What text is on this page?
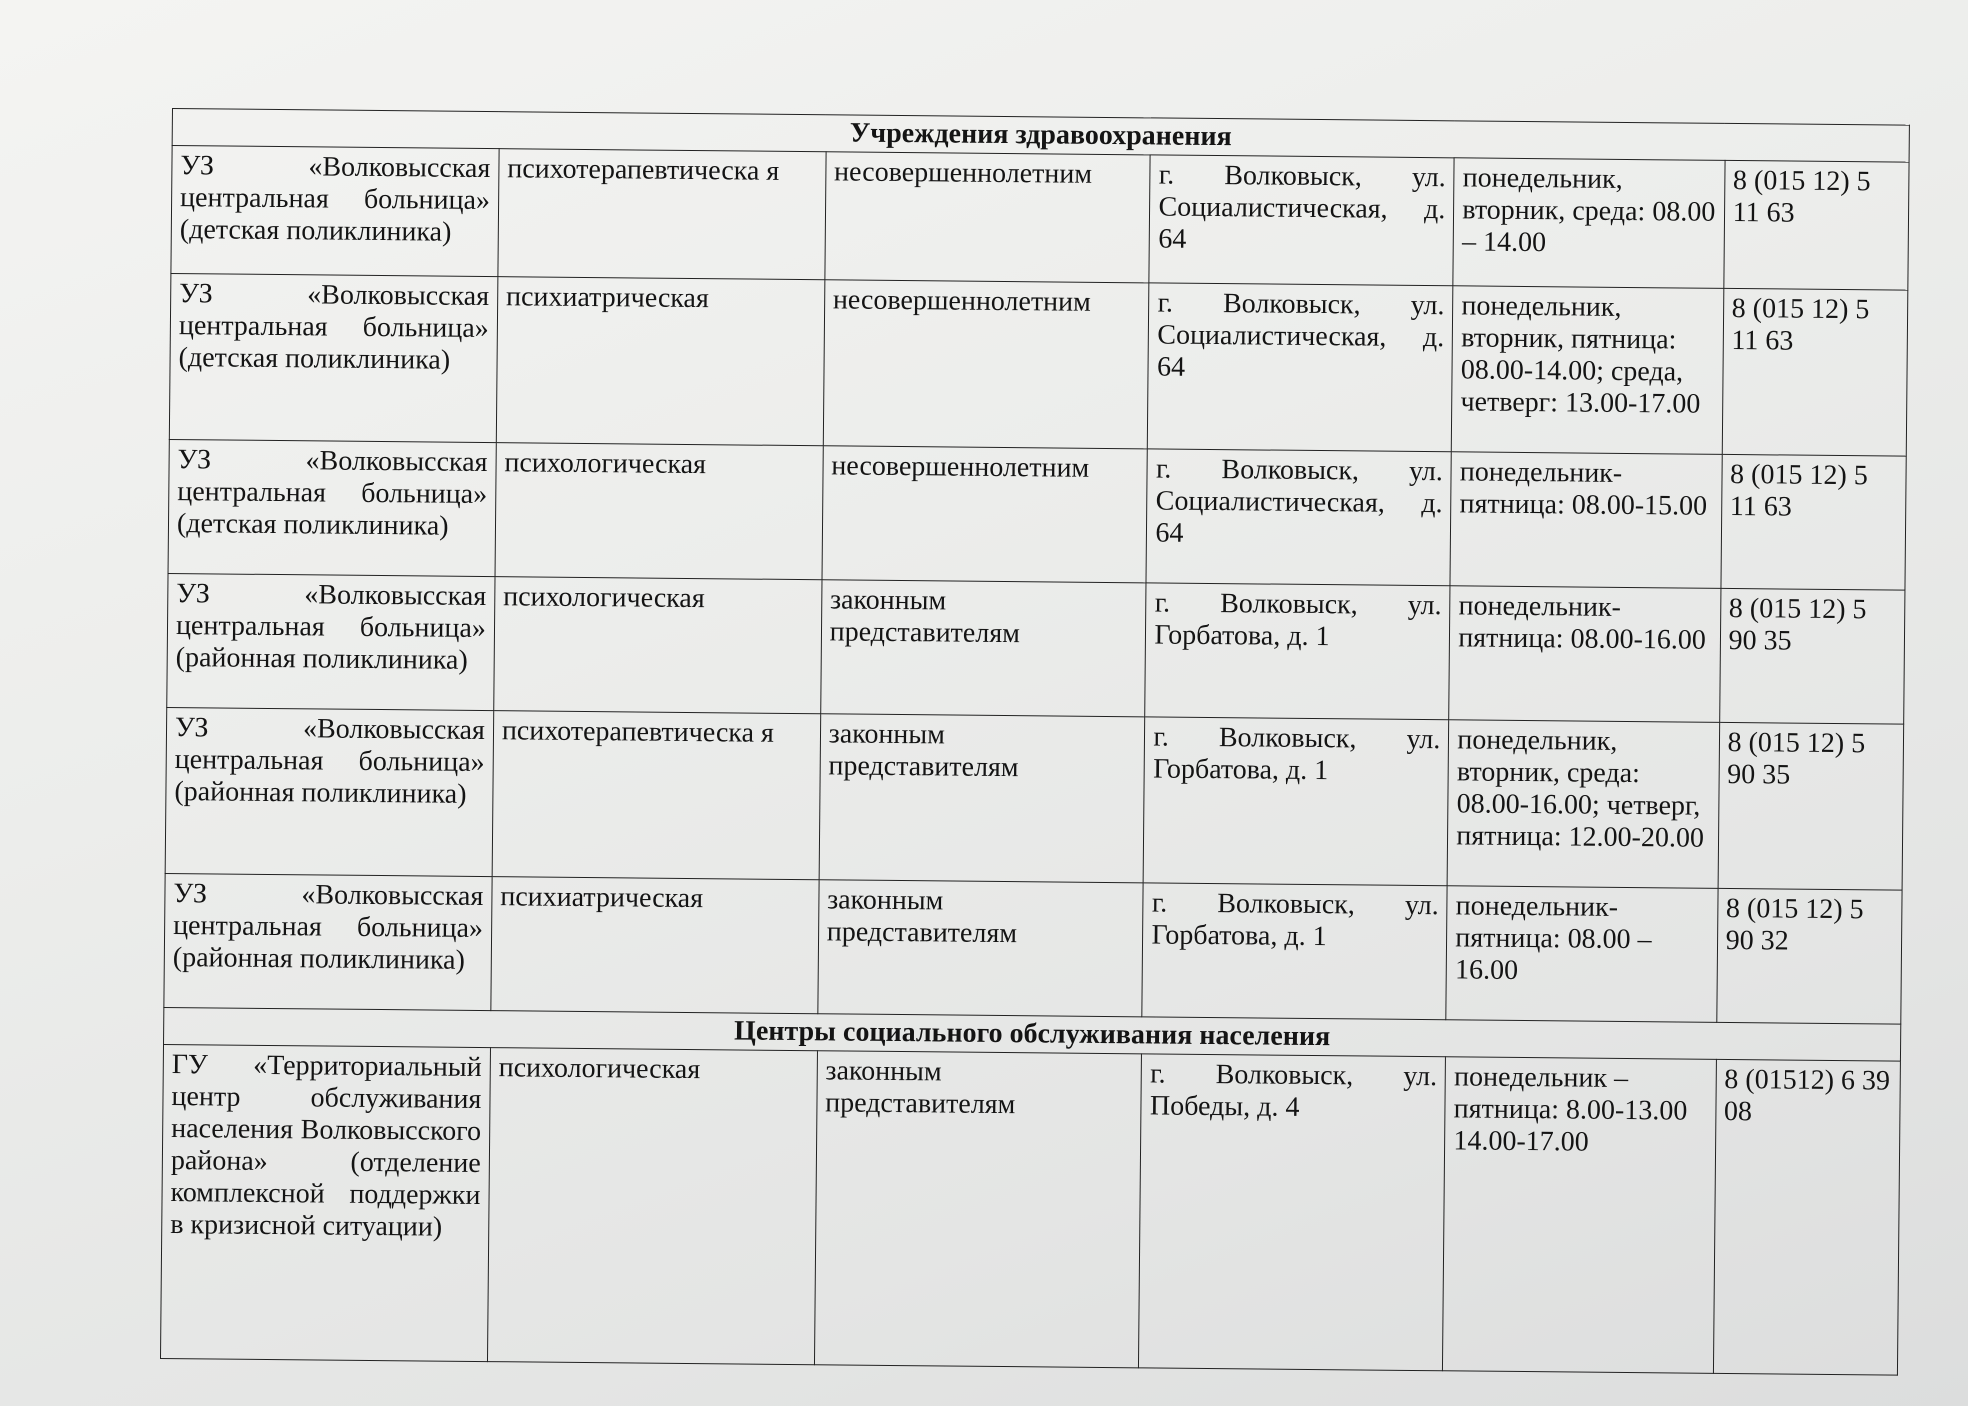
Учреждения здравоохранения					
УЗ «Волковысская центральная больница» (детская поликлиника)	психотерапевтическа я	несовершеннолетним	г. Волковыск, ул. Социалистическая, д. 64	понедельник, вторник, среда: 08.00 – 14.00	8 (015 12) 5 11 63
УЗ «Волковысская центральная больница» (детская поликлиника)	психиатрическая	несовершеннолетним	г. Волковыск, ул. Социалистическая, д. 64	понедельник, вторник, пятница: 08.00-14.00; среда, четверг: 13.00-17.00	8 (015 12) 5 11 63
УЗ «Волковысская центральная больница» (детская поликлиника)	психологическая	несовершеннолетним	г. Волковыск, ул. Социалистическая, д. 64	понедельник-пятница: 08.00-15.00	8 (015 12) 5 11 63
УЗ «Волковысская центральная больница» (районная поликлиника)	психологическая	законным представителям	г. Волковыск, ул. Горбатова, д. 1	понедельник-пятница: 08.00-16.00	8 (015 12) 5 90 35
УЗ «Волковысская центральная больница» (районная поликлиника)	психотерапевтическа я	законным представителям	г. Волковыск, ул. Горбатова, д. 1	понедельник, вторник, среда: 08.00-16.00; четверг, пятница: 12.00-20.00	8 (015 12) 5 90 35
УЗ «Волковысская центральная больница» (районная поликлиника)	психиатрическая	законным представителям	г. Волковыск, ул. Горбатова, д. 1	понедельник-пятница: 08.00 – 16.00	8 (015 12) 5 90 32
Центры социального обслуживания населения					
ГУ «Территориальный центр обслуживания населения Волковысского района» (отделение комплексной поддержки в кризисной ситуации)	психологическая	законным представителям	г. Волковыск, ул. Победы, д. 4	понедельник – пятница: 8.00-13.00 14.00-17.00	8 (01512) 6 39 08
